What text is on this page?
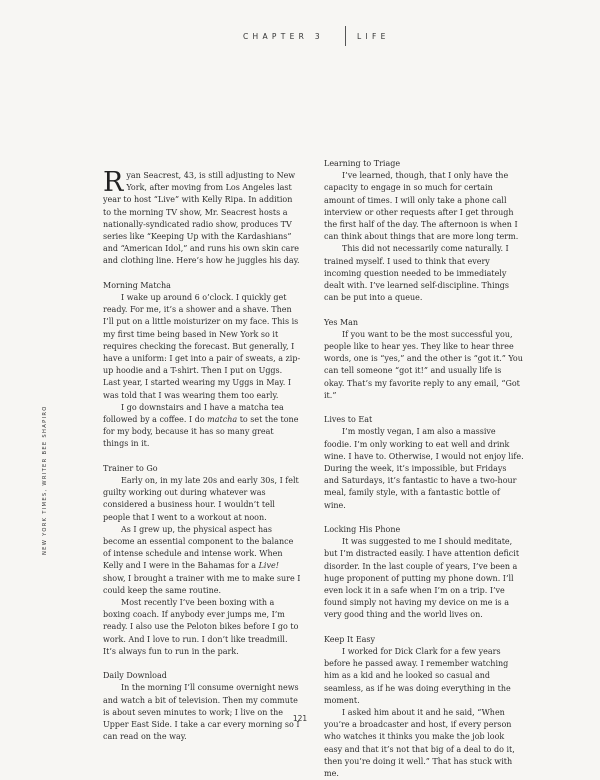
CHAPTER 3	LIFE
NEW YORK TIMES, WRITER BEE SHAPIRO

Ryan Seacrest, 43, is still adjusting to New York, after moving from Los Angeles last year to host “Live” with Kelly Ripa. In addition to the morning TV show, Mr. Seacrest hosts a nationally-syndicated radio show, produces TV series like “Keeping Up with the Kardashians” and “American Idol,” and runs his own skin care and clothing line. Here’s how he juggles his day.

Morning Matcha

I wake up around 6 o’clock. I quickly get ready. For me, it’s a shower and a shave. Then I’ll put on a little moisturizer on my face. This is my first time being based in New York so it requires checking the forecast. But generally, I have a uniform: I get into a pair of sweats, a zip-up hoodie and a T-shirt. Then I put on Uggs. Last year, I started wearing my Uggs in May. I was told that I was wearing them too early.

I go downstairs and I have a matcha tea followed by a coffee. I do matcha to set the tone for my body, because it has so many great things in it.

Trainer to Go

Early on, in my late 20s and early 30s, I felt guilty working out during whatever was considered a business hour. I wouldn’t tell people that I went to a workout at noon.

As I grew up, the physical aspect has become an essential component to the balance of intense schedule and intense work. When Kelly and I were in the Bahamas for a Live! show, I brought a trainer with me to make sure I could keep the same routine.

Most recently I’ve been boxing with a boxing coach. If anybody ever jumps me, I’m ready. I also use the Peloton bikes before I go to work. And I love to run. I don’t like treadmill. It’s always fun to run in the park.

Daily Download

In the morning I’ll consume overnight news and watch a bit of television. Then my commute is about seven minutes to work; I live on the Upper East Side. I take a car every morning so I can read on the way.

Learning to Triage

I’ve learned, though, that I only have the capacity to engage in so much for certain amount of times. I will only take a phone call interview or other requests after I get through the first half of the day. The afternoon is when I can think about things that are more long term.

This did not necessarily come naturally. I trained myself. I used to think that every incoming question needed to be immediately dealt with. I’ve learned self-discipline. Things can be put into a queue.

Yes Man

If you want to be the most successful you, people like to hear yes. They like to hear three words, one is “yes,” and the other is “got it.” You can tell someone “got it!” and usually life is okay. That’s my favorite reply to any email, “Got it.”

Lives to Eat

I’m mostly vegan, I am also a massive foodie. I’m only working to eat well and drink wine. I have to. Otherwise, I would not enjoy life. During the week, it’s impossible, but Fridays and Saturdays, it’s fantastic to have a two-hour meal, family style, with a fantastic bottle of wine.

Locking His Phone

It was suggested to me I should meditate, but I’m distracted easily. I have attention deficit disorder. In the last couple of years, I’ve been a huge proponent of putting my phone down. I’ll even lock it in a safe when I’m on a trip. I’ve found simply not having my device on me is a very good thing and the world lives on.

Keep It Easy

I worked for Dick Clark for a few years before he passed away. I remember watching him as a kid and he looked so casual and seamless, as if he was doing everything in the moment.

I asked him about it and he said, “When you’re a broadcaster and host, if every person who watches it thinks you make the job look easy and that it’s not that big of a deal to do it, then you’re doing it well.” That has stuck with me.

121
